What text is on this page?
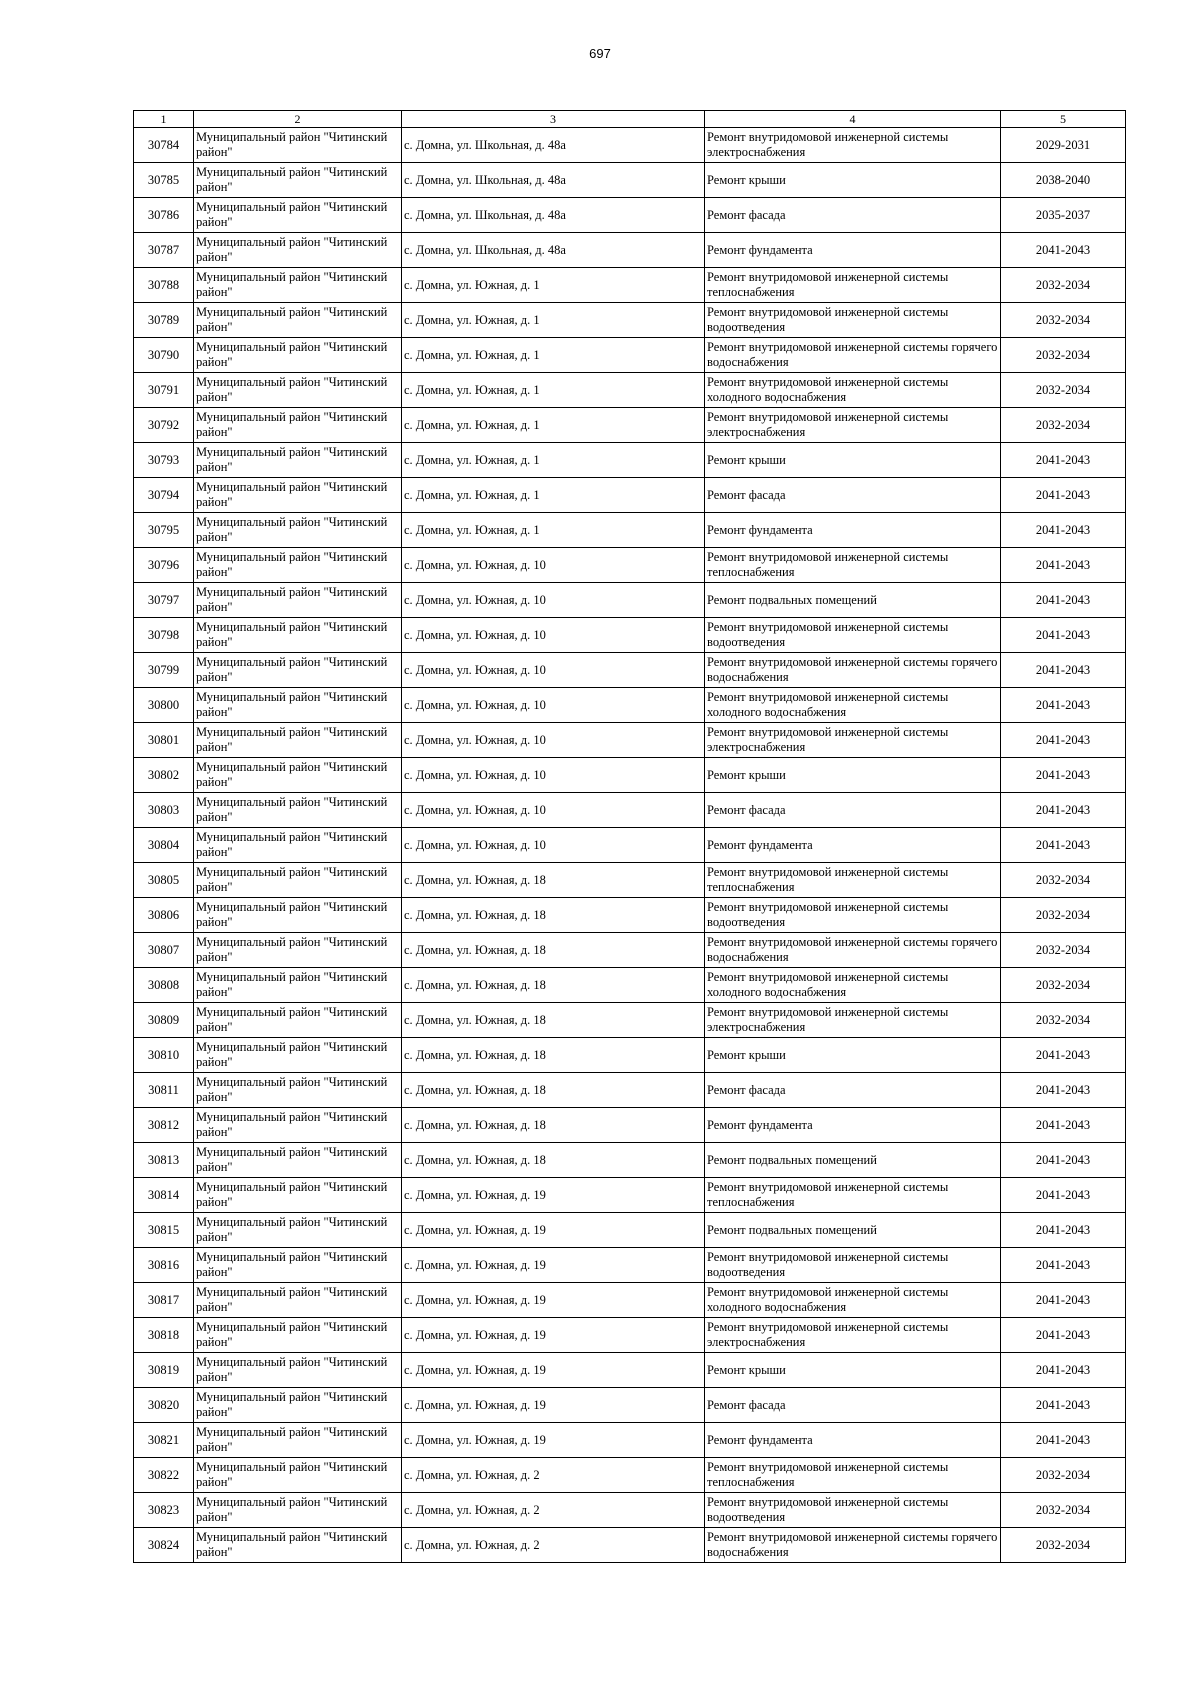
697
1	2	3	4	5
30784	Муниципальный район "Читинский район"	с. Домна, ул. Школьная, д. 48а	Ремонт внутридомовой инженерной системы электроснабжения	2029-2031
30785	Муниципальный район "Читинский район"	с. Домна, ул. Школьная, д. 48а	Ремонт крыши	2038-2040
30786	Муниципальный район "Читинский район"	с. Домна, ул. Школьная, д. 48а	Ремонт фасада	2035-2037
30787	Муниципальный район "Читинский район"	с. Домна, ул. Школьная, д. 48а	Ремонт фундамента	2041-2043
30788	Муниципальный район "Читинский район"	с. Домна, ул. Южная, д. 1	Ремонт внутридомовой инженерной системы теплоснабжения	2032-2034
30789	Муниципальный район "Читинский район"	с. Домна, ул. Южная, д. 1	Ремонт внутридомовой инженерной системы водоотведения	2032-2034
30790	Муниципальный район "Читинский район"	с. Домна, ул. Южная, д. 1	Ремонт внутридомовой инженерной системы горячего водоснабжения	2032-2034
30791	Муниципальный район "Читинский район"	с. Домна, ул. Южная, д. 1	Ремонт внутридомовой инженерной системы холодного водоснабжения	2032-2034
30792	Муниципальный район "Читинский район"	с. Домна, ул. Южная, д. 1	Ремонт внутридомовой инженерной системы электроснабжения	2032-2034
30793	Муниципальный район "Читинский район"	с. Домна, ул. Южная, д. 1	Ремонт крыши	2041-2043
30794	Муниципальный район "Читинский район"	с. Домна, ул. Южная, д. 1	Ремонт фасада	2041-2043
30795	Муниципальный район "Читинский район"	с. Домна, ул. Южная, д. 1	Ремонт фундамента	2041-2043
30796	Муниципальный район "Читинский район"	с. Домна, ул. Южная, д. 10	Ремонт внутридомовой инженерной системы теплоснабжения	2041-2043
30797	Муниципальный район "Читинский район"	с. Домна, ул. Южная, д. 10	Ремонт подвальных помещений	2041-2043
30798	Муниципальный район "Читинский район"	с. Домна, ул. Южная, д. 10	Ремонт внутридомовой инженерной системы водоотведения	2041-2043
30799	Муниципальный район "Читинский район"	с. Домна, ул. Южная, д. 10	Ремонт внутридомовой инженерной системы горячего водоснабжения	2041-2043
30800	Муниципальный район "Читинский район"	с. Домна, ул. Южная, д. 10	Ремонт внутридомовой инженерной системы холодного водоснабжения	2041-2043
30801	Муниципальный район "Читинский район"	с. Домна, ул. Южная, д. 10	Ремонт внутридомовой инженерной системы электроснабжения	2041-2043
30802	Муниципальный район "Читинский район"	с. Домна, ул. Южная, д. 10	Ремонт крыши	2041-2043
30803	Муниципальный район "Читинский район"	с. Домна, ул. Южная, д. 10	Ремонт фасада	2041-2043
30804	Муниципальный район "Читинский район"	с. Домна, ул. Южная, д. 10	Ремонт фундамента	2041-2043
30805	Муниципальный район "Читинский район"	с. Домна, ул. Южная, д. 18	Ремонт внутридомовой инженерной системы теплоснабжения	2032-2034
30806	Муниципальный район "Читинский район"	с. Домна, ул. Южная, д. 18	Ремонт внутридомовой инженерной системы водоотведения	2032-2034
30807	Муниципальный район "Читинский район"	с. Домна, ул. Южная, д. 18	Ремонт внутридомовой инженерной системы горячего водоснабжения	2032-2034
30808	Муниципальный район "Читинский район"	с. Домна, ул. Южная, д. 18	Ремонт внутридомовой инженерной системы холодного водоснабжения	2032-2034
30809	Муниципальный район "Читинский район"	с. Домна, ул. Южная, д. 18	Ремонт внутридомовой инженерной системы электроснабжения	2032-2034
30810	Муниципальный район "Читинский район"	с. Домна, ул. Южная, д. 18	Ремонт крыши	2041-2043
30811	Муниципальный район "Читинский район"	с. Домна, ул. Южная, д. 18	Ремонт фасада	2041-2043
30812	Муниципальный район "Читинский район"	с. Домна, ул. Южная, д. 18	Ремонт фундамента	2041-2043
30813	Муниципальный район "Читинский район"	с. Домна, ул. Южная, д. 18	Ремонт подвальных помещений	2041-2043
30814	Муниципальный район "Читинский район"	с. Домна, ул. Южная, д. 19	Ремонт внутридомовой инженерной системы теплоснабжения	2041-2043
30815	Муниципальный район "Читинский район"	с. Домна, ул. Южная, д. 19	Ремонт подвальных помещений	2041-2043
30816	Муниципальный район "Читинский район"	с. Домна, ул. Южная, д. 19	Ремонт внутридомовой инженерной системы водоотведения	2041-2043
30817	Муниципальный район "Читинский район"	с. Домна, ул. Южная, д. 19	Ремонт внутридомовой инженерной системы холодного водоснабжения	2041-2043
30818	Муниципальный район "Читинский район"	с. Домна, ул. Южная, д. 19	Ремонт внутридомовой инженерной системы электроснабжения	2041-2043
30819	Муниципальный район "Читинский район"	с. Домна, ул. Южная, д. 19	Ремонт крыши	2041-2043
30820	Муниципальный район "Читинский район"	с. Домна, ул. Южная, д. 19	Ремонт фасада	2041-2043
30821	Муниципальный район "Читинский район"	с. Домна, ул. Южная, д. 19	Ремонт фундамента	2041-2043
30822	Муниципальный район "Читинский район"	с. Домна, ул. Южная, д. 2	Ремонт внутридомовой инженерной системы теплоснабжения	2032-2034
30823	Муниципальный район "Читинский район"	с. Домна, ул. Южная, д. 2	Ремонт внутридомовой инженерной системы водоотведения	2032-2034
30824	Муниципальный район "Читинский район"	с. Домна, ул. Южная, д. 2	Ремонт внутридомовой инженерной системы горячего водоснабжения	2032-2034
